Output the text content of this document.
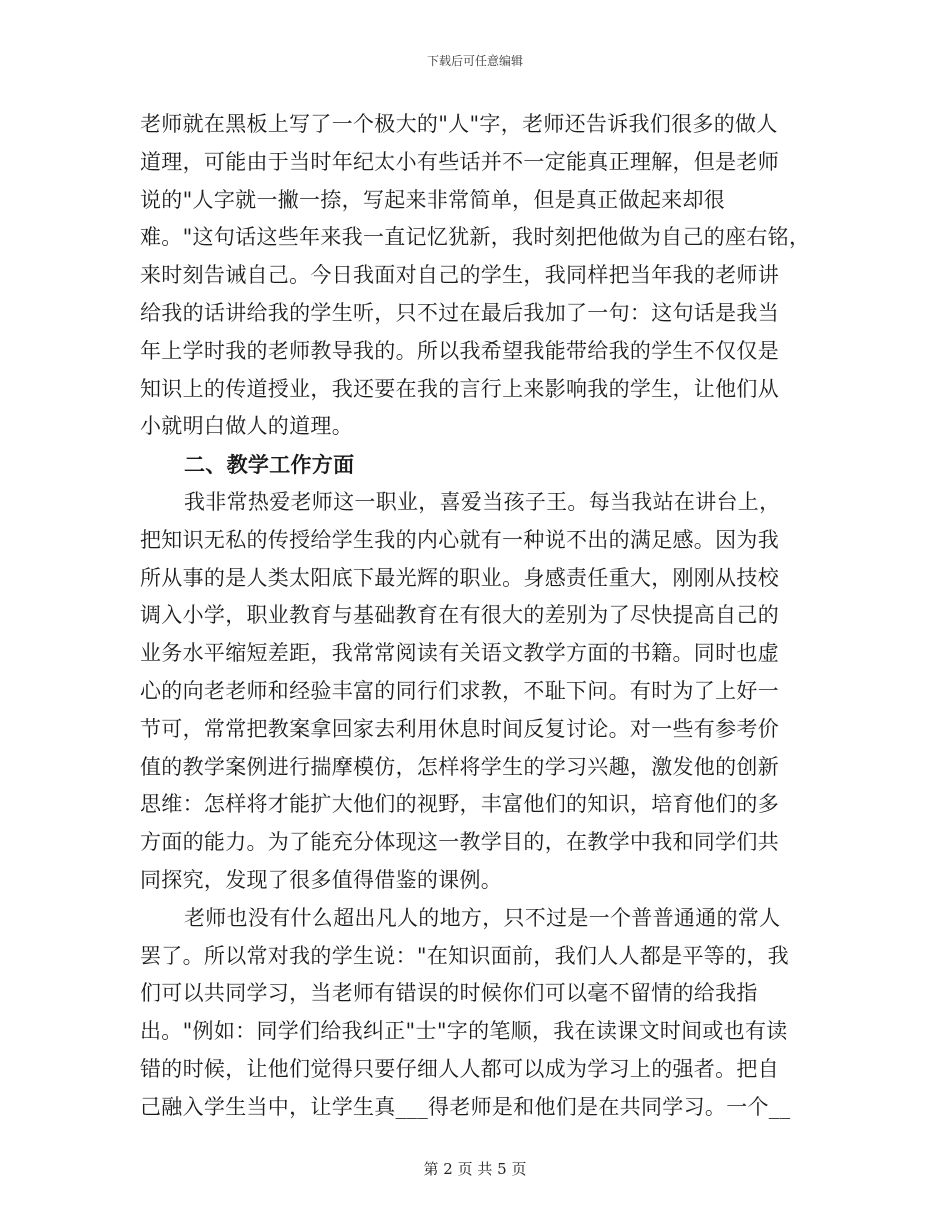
下载后可任意编辑
老师就在黑板上写了一个极大的"人"字，老师还告诉我们很多的做人
道理，可能由于当时年纪太小有些话并不一定能真正理解，但是老师
说的"人字就一撇一捺，写起来非常简单，但是真正做起来却很
难。"这句话这些年来我一直记忆犹新，我时刻把他做为自己的座右铭，
来时刻告诫自己。今日我面对自己的学生，我同样把当年我的老师讲
给我的话讲给我的学生听，只不过在最后我加了一句：这句话是我当
年上学时我的老师教导我的。所以我希望我能带给我的学生不仅仅是
知识上的传道授业，我还要在我的言行上来影响我的学生，让他们从
小就明白做人的道理。
二、教学工作方面
我非常热爱老师这一职业，喜爱当孩子王。每当我站在讲台上，
把知识无私的传授给学生我的内心就有一种说不出的满足感。因为我
所从事的是人类太阳底下最光辉的职业。身感责任重大，刚刚从技校
调入小学，职业教育与基础教育在有很大的差别为了尽快提高自己的
业务水平缩短差距，我常常阅读有关语文教学方面的书籍。同时也虚
心的向老老师和经验丰富的同行们求教，不耻下问。有时为了上好一
节可，常常把教案拿回家去利用休息时间反复讨论。对一些有参考价
值的教学案例进行揣摩模仿，怎样将学生的学习兴趣，激发他的创新
思维：怎样将才能扩大他们的视野，丰富他们的知识，培育他们的多
方面的能力。为了能充分体现这一教学目的，在教学中我和同学们共
同探究，发现了很多值得借鉴的课例。
老师也没有什么超出凡人的地方，只不过是一个普普通通的常人
罢了。所以常对我的学生说："在知识面前，我们人人都是平等的，我
们可以共同学习，当老师有错误的时候你们可以毫不留情的给我指
出。"例如：同学们给我纠正"士"字的笔顺，我在读课文时间或也有读
错的时候，让他们觉得只要仔细人人都可以成为学习上的强者。把自
己融入学生当中，让学生真___得老师是和他们是在共同学习。一个__
第 2 页 共 5 页
